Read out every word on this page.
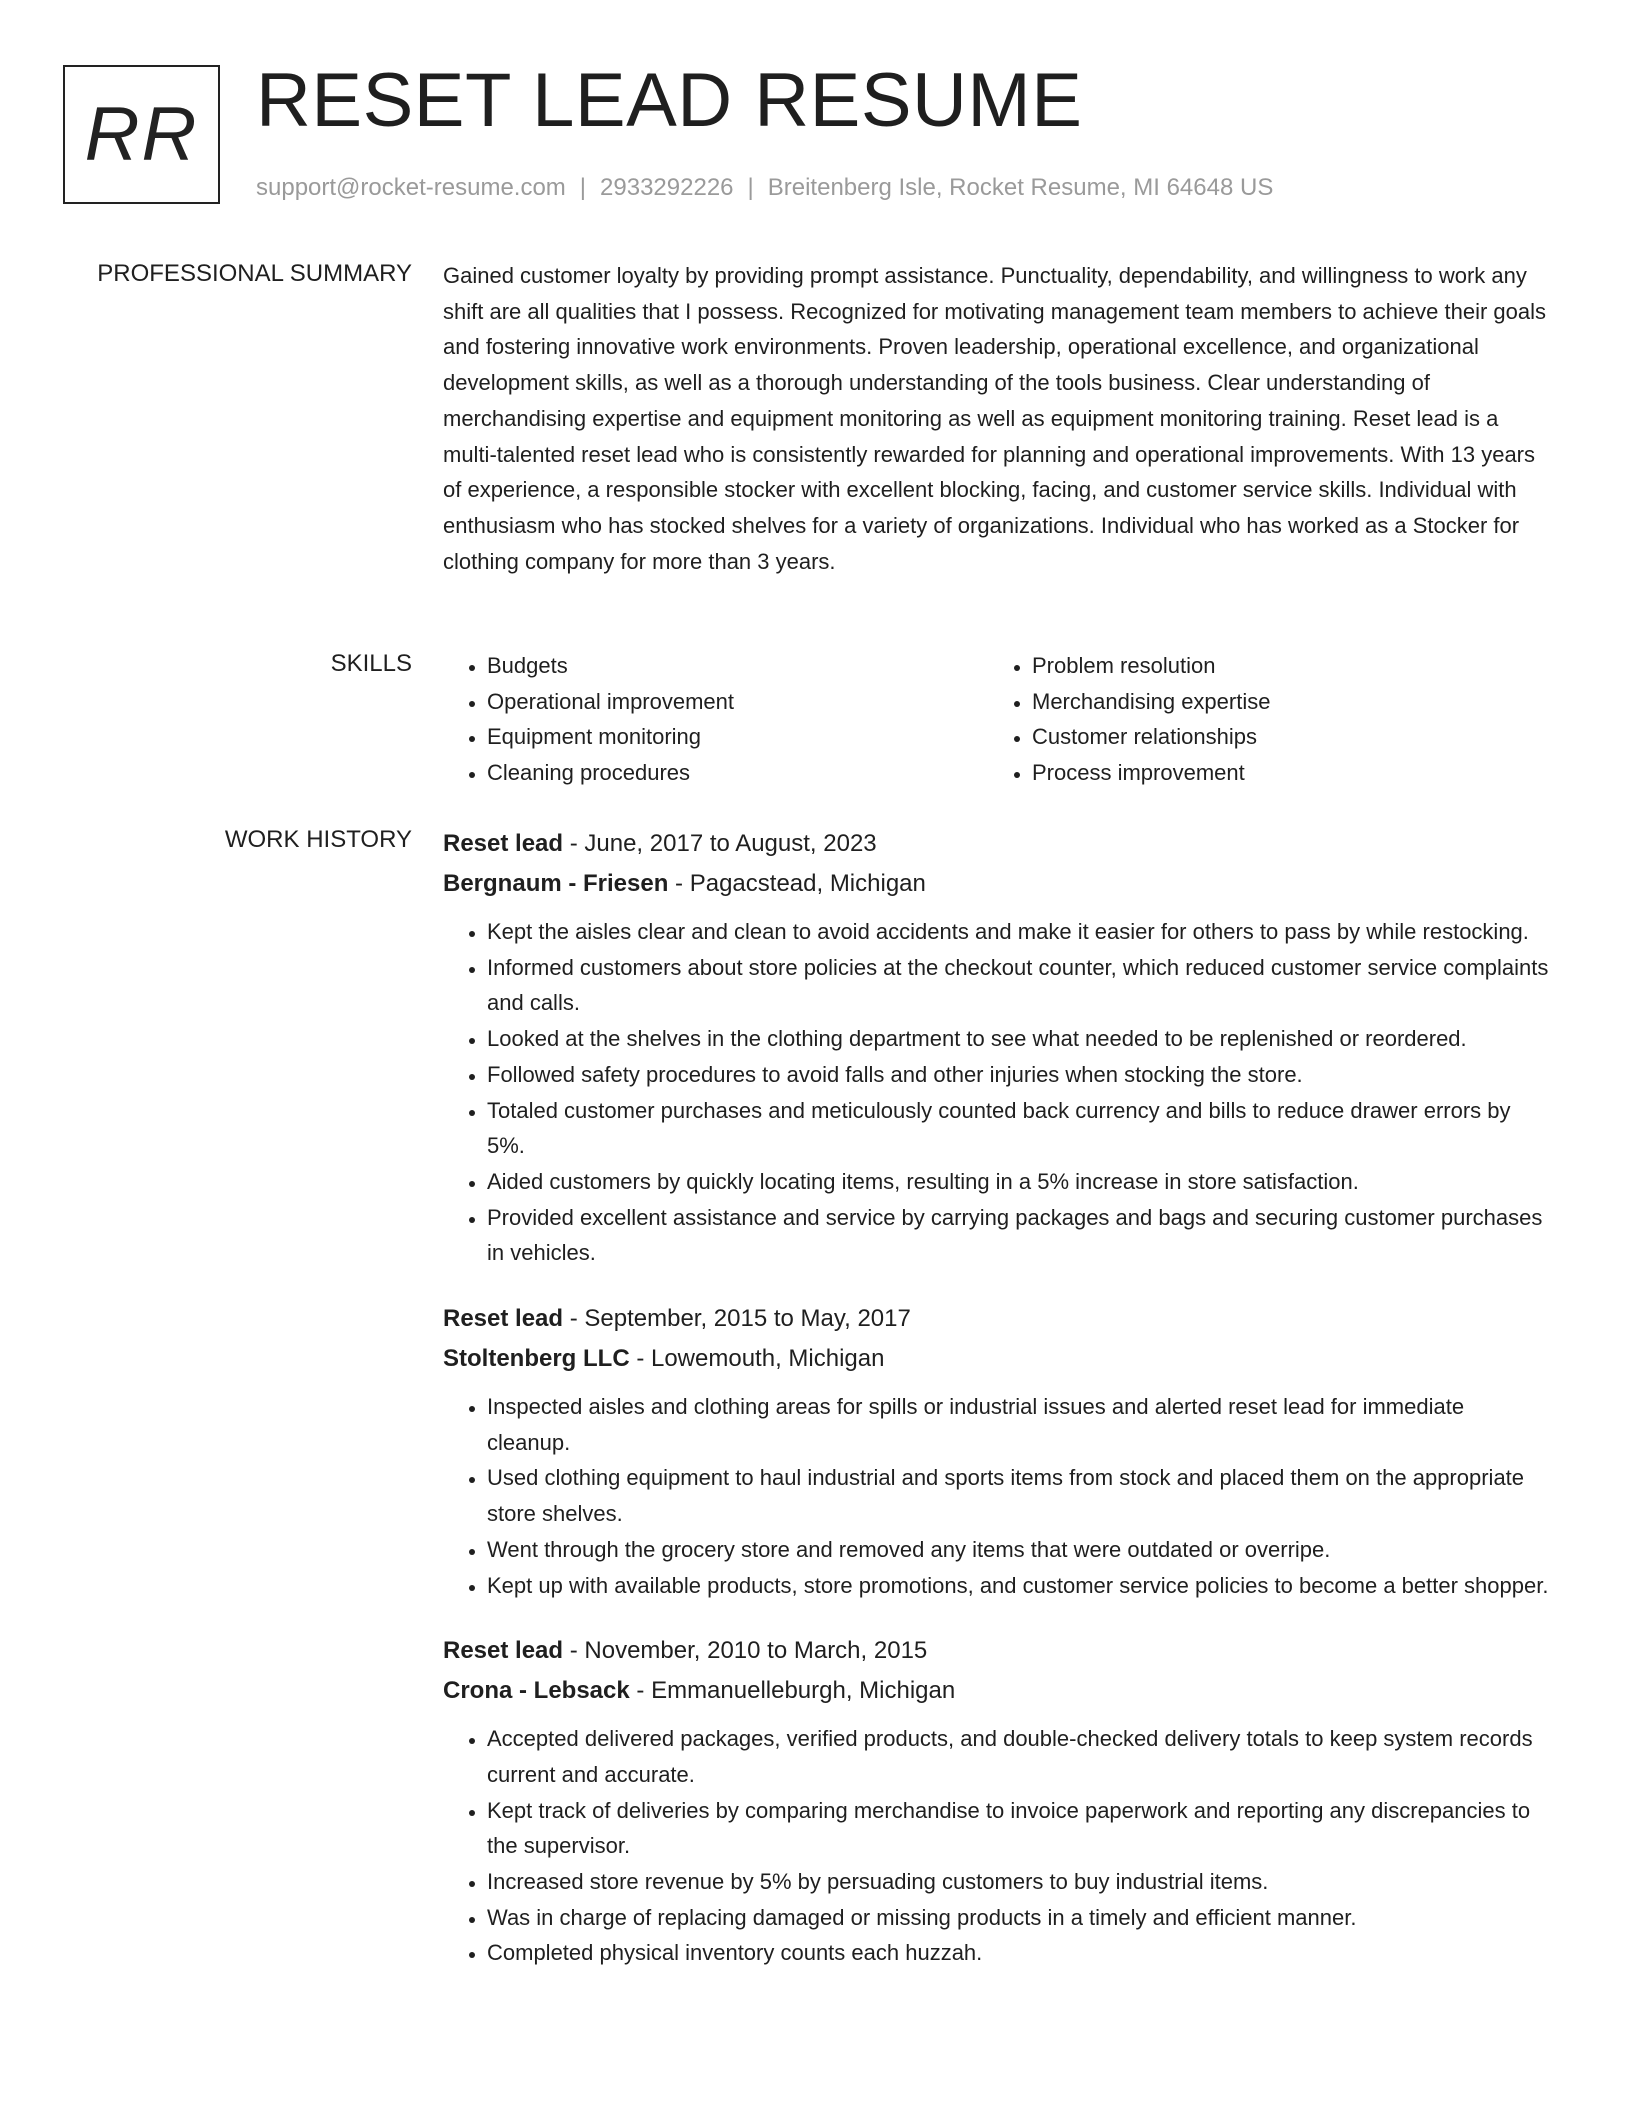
RR RESET LEAD RESUME
support@rocket-resume.com | 2933292226 | Breitenberg Isle, Rocket Resume, MI 64648 US
PROFESSIONAL SUMMARY Gained customer loyalty by providing prompt assistance. Punctuality, dependability, and willingness to work any shift are all qualities that I possess. Recognized for motivating management team members to achieve their goals and fostering innovative work environments. Proven leadership, operational excellence, and organizational development skills, as well as a thorough understanding of the tools business. Clear understanding of merchandising expertise and equipment monitoring as well as equipment monitoring training. Reset lead is a multi-talented reset lead who is consistently rewarded for planning and operational improvements. With 13 years of experience, a responsible stocker with excellent blocking, facing, and customer service skills. Individual with enthusiasm who has stocked shelves for a variety of organizations. Individual who has worked as a Stocker for clothing company for more than 3 years.

SKILLS
•	Budgets
• Operational improvement
• Equipment monitoring
• Cleaning procedures
• Problem resolution
• Merchandising expertise
• Customer relationships
• Process improvement
WORK HISTORY Reset lead - June, 2017 to August, 2023
Bergnaum - Friesen - Pagacstead, Michigan
• Kept the aisles clear and clean to avoid accidents and make it easier for others to pass by while restocking.
• Informed customers about store policies at the checkout counter, which reduced customer service complaints and calls.
• Looked at the shelves in the clothing department to see what needed to be replenished or reordered.
• Followed safety procedures to avoid falls and other injuries when stocking the store.
• Totaled customer purchases and meticulously counted back currency and bills to reduce drawer errors by 5%.
• Aided customers by quickly locating items, resulting in a 5% increase in store satisfaction.
• Provided excellent assistance and service by carrying packages and bags and securing customer purchases in vehicles.
Reset lead - September, 2015 to May, 2017
Stoltenberg LLC - Lowemouth, Michigan
• Inspected aisles and clothing areas for spills or industrial issues and alerted reset lead for immediate cleanup.
• Used clothing equipment to haul industrial and sports items from stock and placed them on the appropriate store shelves.
• Went through the grocery store and removed any items that were outdated or overripe.
• Kept up with available products, store promotions, and customer service policies to become a better shopper.
Reset lead - November, 2010 to March, 2015
Crona - Lebsack - Emmanuelleburgh, Michigan
• Accepted delivered packages, verified products, and double-checked delivery totals to keep system records current and accurate.
• Kept track of deliveries by comparing merchandise to invoice paperwork and reporting any discrepancies to the supervisor.
• Increased store revenue by 5% by persuading customers to buy industrial items.
• Was in charge of replacing damaged or missing products in a timely and efficient manner.
• Completed physical inventory counts each huzzah.
